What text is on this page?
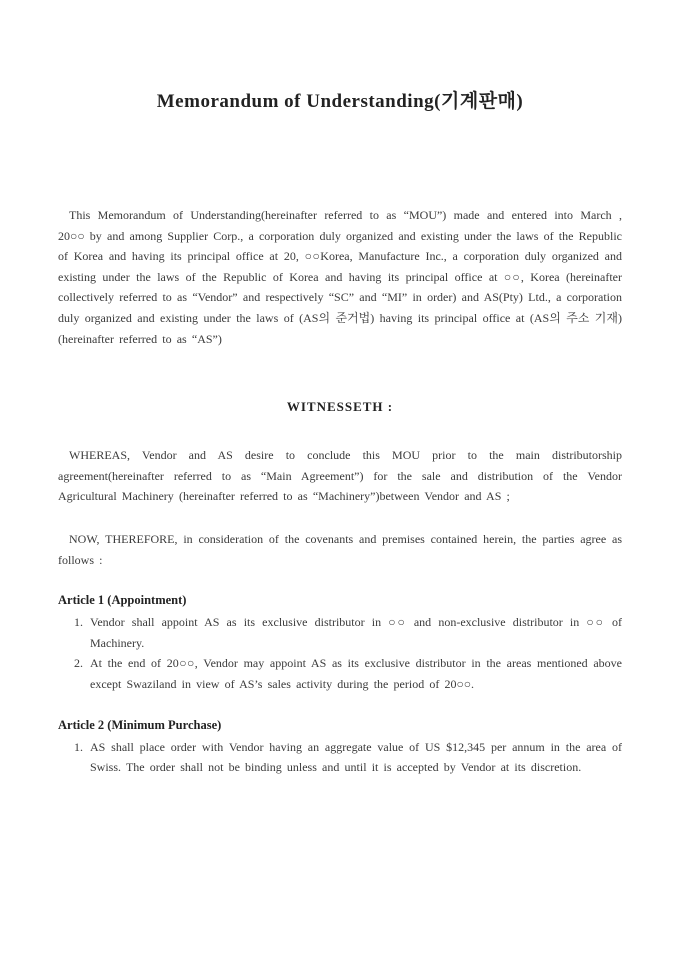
Memorandum of Understanding(기계판매)

This Memorandum of Understanding(hereinafter referred to as “MOU”) made and entered into March , 20○○ by and among Supplier Corp., a corporation duly organized and existing under the laws of the Republic of Korea and having its principal office at 20, ○○Korea, Manufacture Inc., a corporation duly organized and existing under the laws of the Republic of Korea and having its principal office at ○○, Korea (hereinafter collectively referred to as “Vendor” and respectively “SC” and “MI” in order) and AS(Pty) Ltd., a corporation duly organized and existing under the laws of (AS의 준거법) having its principal office at (AS의 주소 기재) (hereinafter referred to as “AS”)

WITNESSETH :

WHEREAS, Vendor and AS desire to conclude this MOU prior to the main distributorship agreement(hereinafter referred to as “Main Agreement”) for the sale and distribution of the Vendor Agricultural Machinery (hereinafter referred to as “Machinery”)between Vendor and AS ;

NOW, THEREFORE, in consideration of the covenants and premises contained herein, the parties agree as follows :

Article 1 (Appointment)
Vendor shall appoint AS as its exclusive distributor in ○○ and non-exclusive distributor in ○○ of Machinery.
At the end of 20○○, Vendor may appoint AS as its exclusive distributor in the areas mentioned above except Swaziland in view of AS’s sales activity during the period of 20○○.
Article 2 (Minimum Purchase)
AS shall place order with Vendor having an aggregate value of US $12,345 per annum in the area of Swiss. The order shall not be binding unless and until it is accepted by Vendor at its discretion.
